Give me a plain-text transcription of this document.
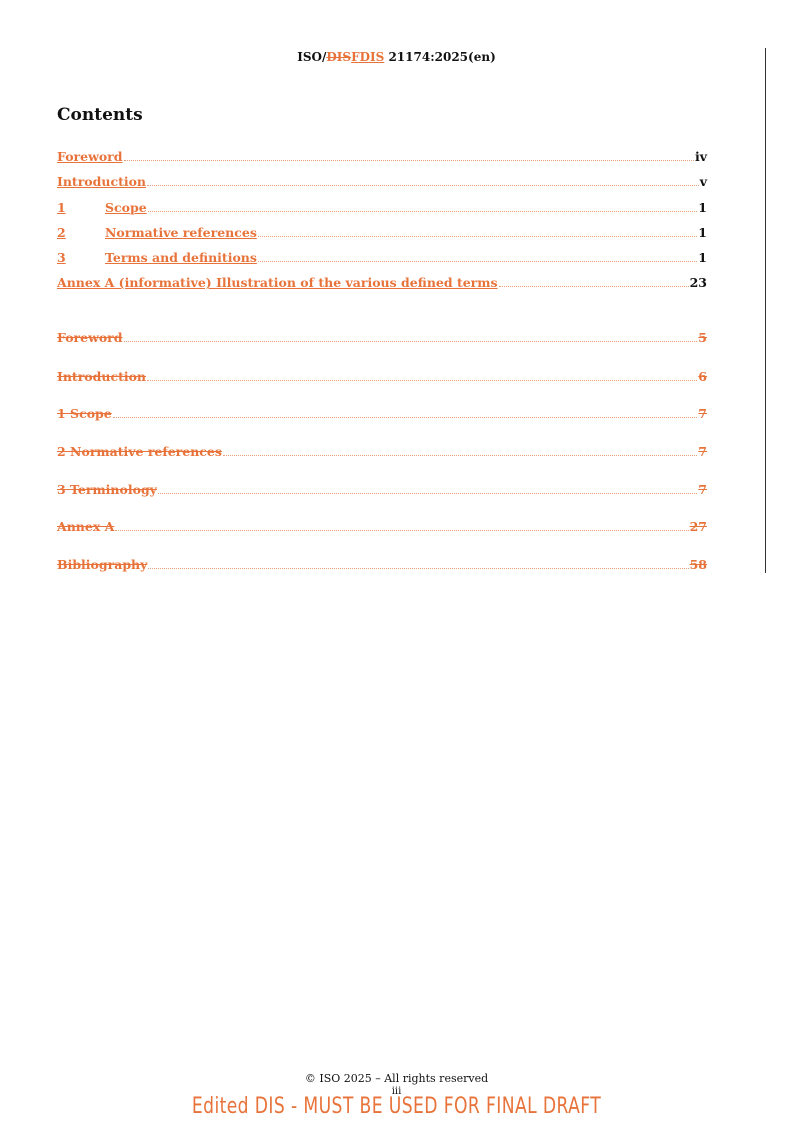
ISO/DISFDIS 21174:2025(en)
Contents
Foreword	iv
Introduction	v
1	Scope	1
2	Normative references	1
3	Terms and definitions	1
Annex A (informative) Illustration of the various defined terms	23
Foreword	5
Introduction	6
1 Scope	7
2 Normative references	7
3 Terminology	7
Annex A	27
Bibliography	58
© ISO 2025 – All rights reserved
iii
Edited DIS - MUST BE USED FOR FINAL DRAFT
